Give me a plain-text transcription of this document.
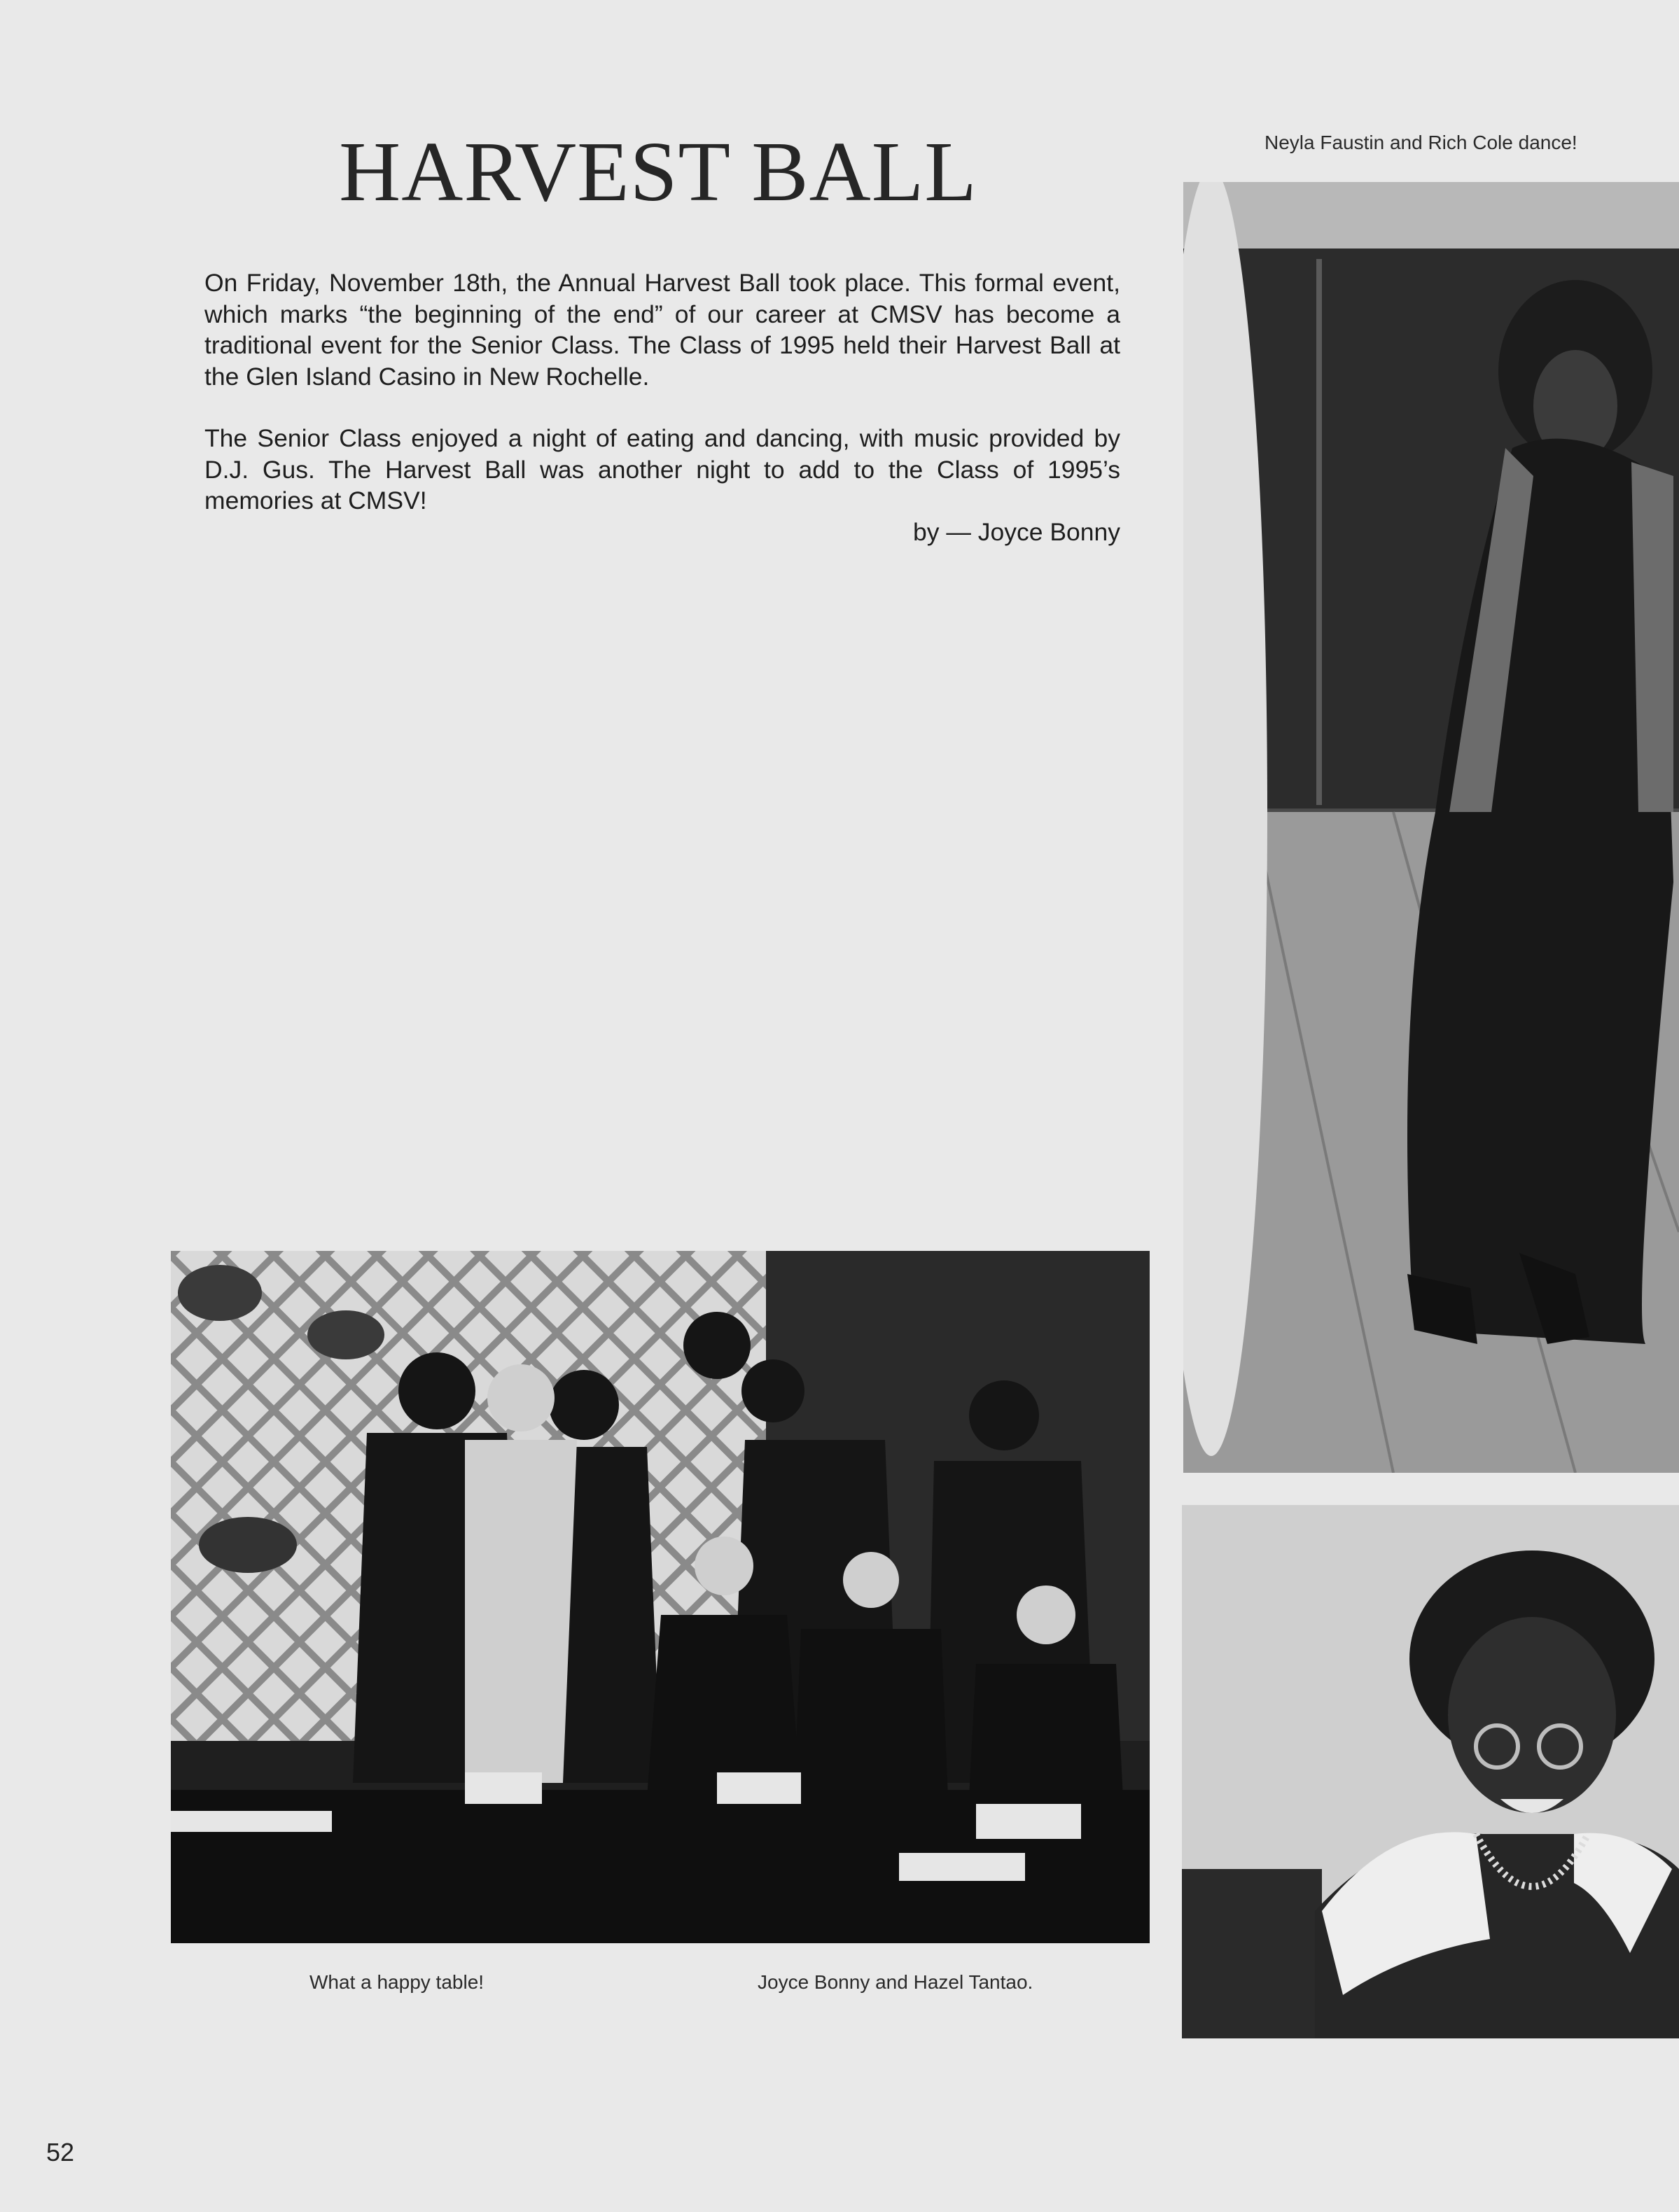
HARVEST BALL

On Friday, November 18th, the Annual Harvest Ball took place. This formal event, which marks “the beginning of the end” of our career at CMSV has become a traditional event for the Senior Class. The Class of 1995 held their Harvest Ball at the Glen Island Casino in New Rochelle.

The Senior Class enjoyed a night of eating and dancing, with music provided by D.J. Gus. The Harvest Ball was another night to add to the Class of 1995’s memories at CMSV!

by — Joyce Bonny
Neyla Faustin and Rich Cole dance!
What a happy table!	Joyce Bonny and Hazel Tantao.
52
